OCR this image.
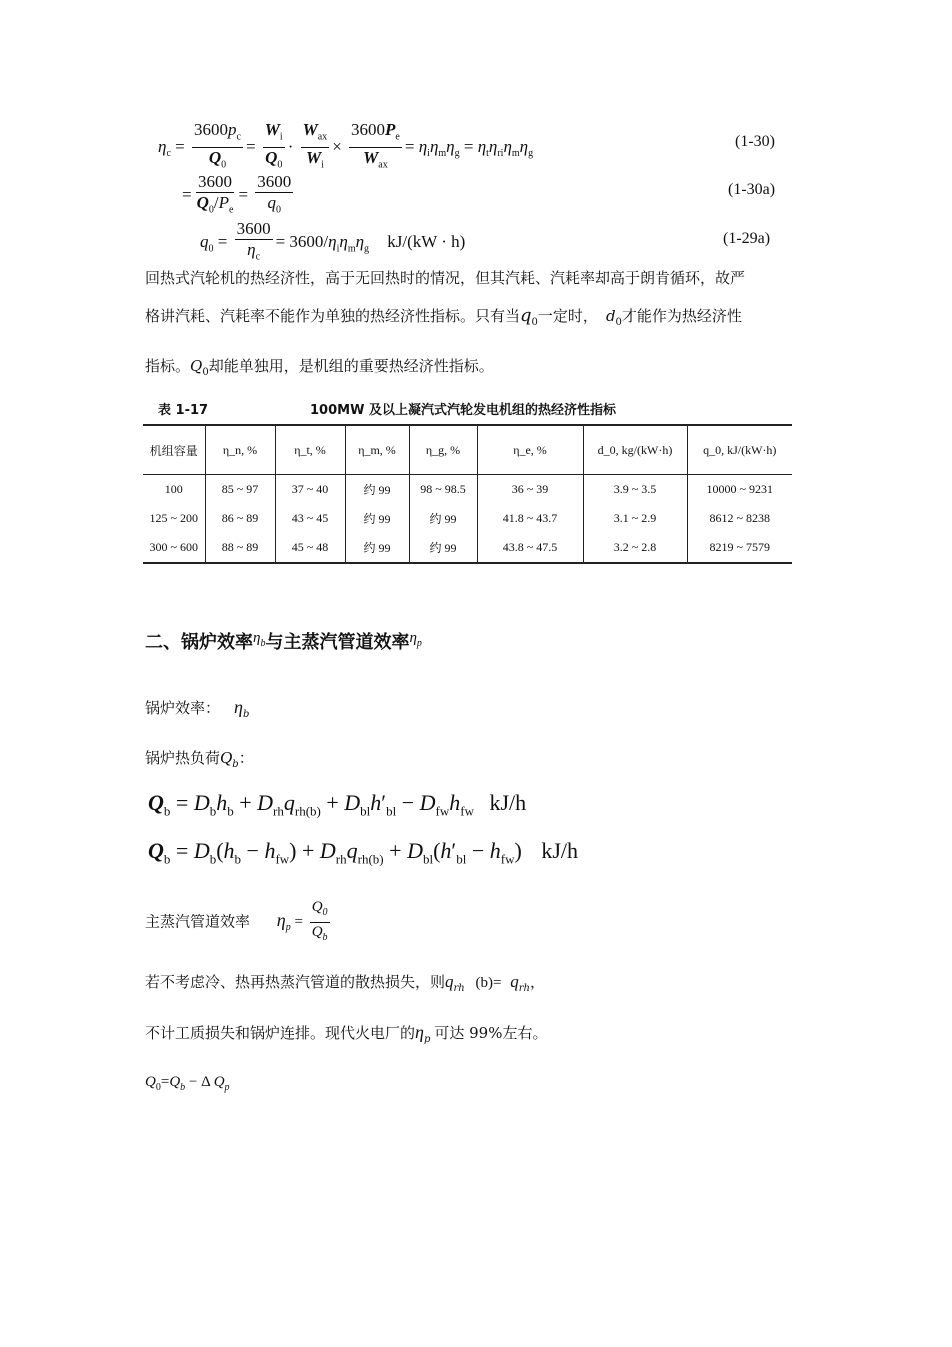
$\eta_c = \frac{3600p_c}{Q_0} = \frac{W_i}{Q_0} \cdot \frac{W_{ax}}{W_i} \times \frac{3600P_e}{W_{ax}} = \eta_i\eta_m\eta_g = \eta_t\eta_{ri}\eta_m\eta_g$
(1-30)
= $\frac{3600}{Q_0/P_e} = \frac{3600}{q_0}$	(1-30a)
$q_0 = \frac{3600}{\eta_c} = 3600/\eta_i\eta_m\eta_g$ kJ/(kW · h)	(1-29a)
回热式汽轮机的热经济性，高于无回热时的情况，但其汽耗、汽耗率却高于朗肯循环，故严
格讲汽耗、汽耗率不能作为单独的热经济性指标。只有当$q_0$一定时， $d_0$才能作为热经济性
指标。$Q_0$却能单独用，是机组的重要热经济性指标。
表 1-17	100MW 及以上凝汽式汽轮发电机组的热经济性指标
机组容量	η_n, %	η_t, %	η_m, %	η_g, %	η_e, %	d_0, kg/(kW·h)	q_0, kJ/(kW·h)
100	85 ~ 97	37 ~ 40	约 99	98 ~ 98.5	36 ~ 39	3.9 ~ 3.5	10000 ~ 9231
125 ~ 200	86 ~ 89	43 ~ 45	约 99	约 99	41.8 ~ 43.7	3.1 ~ 2.9	8612 ~ 8238
300 ~ 600	88 ~ 89	45 ~ 48	约 99	约 99	43.8 ~ 47.5	3.2 ~ 2.8	8219 ~ 7579
二、锅炉效率$^{\eta_b}$与主蒸汽管道效率$^{\eta_p}$
锅炉效率： $\eta_b$
锅炉热负荷$Q_b$：
$Q_b = D_bh_b + D_{rh}q_{rh(b)} + D_{bl}h'_{bl} - D_{fw}h_{fw}$ kJ/h
$Q_b = D_b(h_b - h_{fw}) + D_{rh}q_{rh(b)} + D_{bl}(h'_{bl} - h_{fw})$ kJ/h
主蒸汽管道效率 $\eta_p = \frac{Q_0}{Q_b}$
若不考虑冷、热再热蒸汽管道的散热损失，则$q_{rh}$ $(b)= q_{rh}$，
不计工质损失和锅炉连排。现代火电厂的$\eta_p$ 可达 99%左右。
$Q_0=Q_b - \Delta$ $Q_p$
